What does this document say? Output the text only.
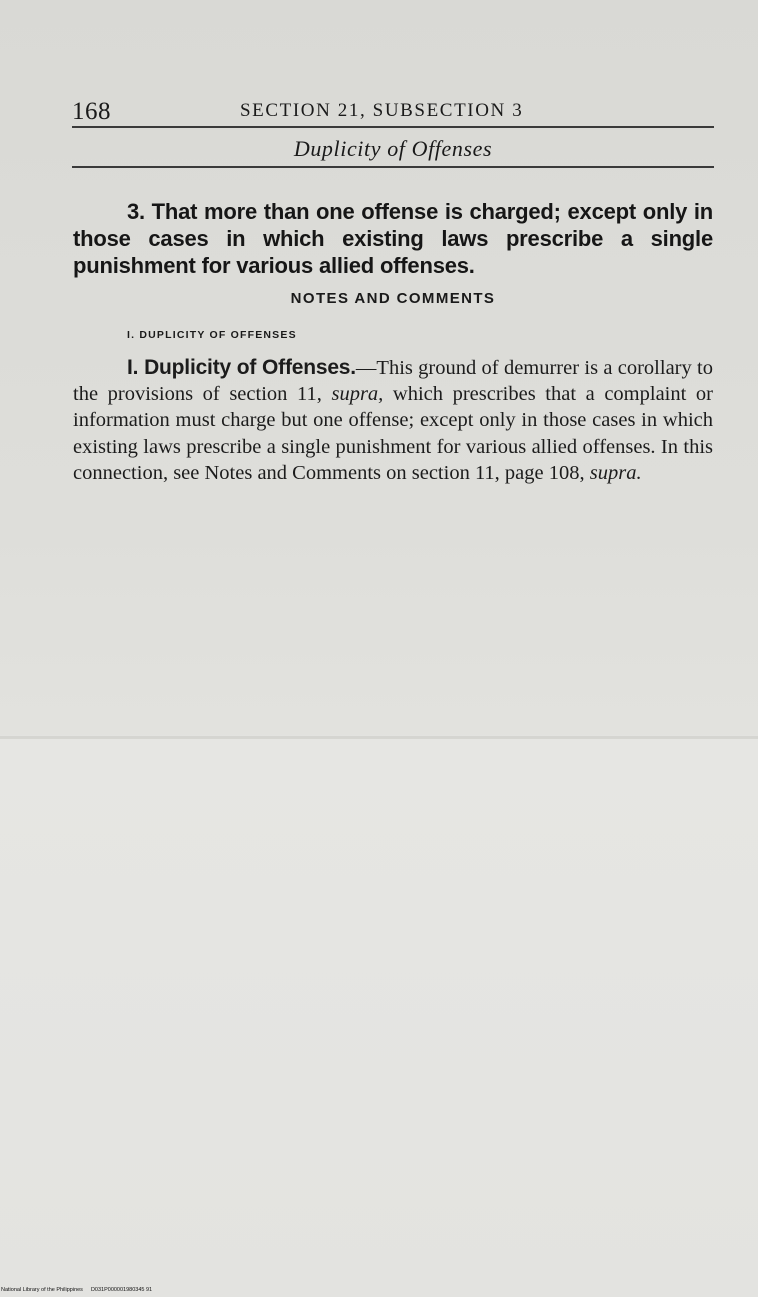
168	SECTION 21, SUBSECTION 3
Duplicity of Offenses

3. That more than one offense is charged; except only in those cases in which existing laws prescribe a single punishment for various allied offenses.

NOTES AND COMMENTS
I. DUPLICITY OF OFFENSES

I. Duplicity of Offenses.—This ground of demurrer is a corollary to the provisions of section 11, supra, which prescribes that a complaint or information must charge but one offense; except only in those cases in which existing laws prescribe a single punishment for various allied offenses. In this connection, see Notes and Comments on section 11, page 108, supra.

National Library of the Philippines D031P000001980345 91
